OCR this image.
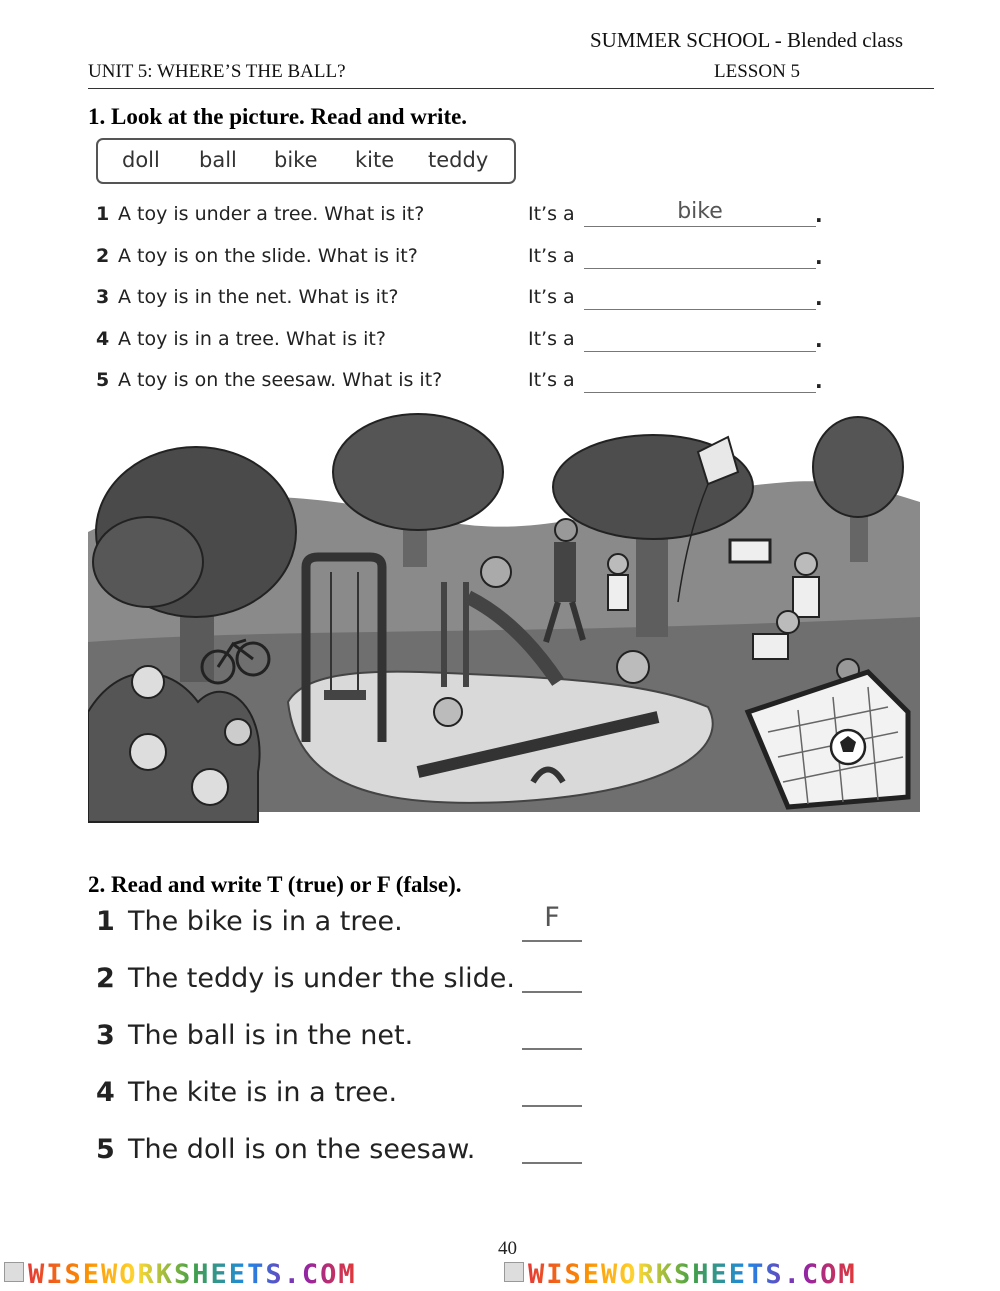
SUMMER SCHOOL - Blended class
UNIT 5: WHERE’S THE BALL?	LESSON 5
1. Look at the picture. Read and write.
doll ball bike kite teddy
1 A toy is under a tree. What is it?	It’s a	bike	.
2 A toy is on the slide. What is it?	It’s a	.
3 A toy is in the net. What is it?	It’s a	.
4 A toy is in a tree. What is it?	It’s a	.
5 A toy is on the seesaw. What is it?	It’s a	.
2. Read and write T (true) or F (false).
1 The bike is in a tree.	F
2 The teddy is under the slide.
3 The ball is in the net.
4 The kite is in a tree.
5 The doll is on the seesaw.
40
WISEWORKSHEETS.COM	WISEWORKSHEETS.COM
